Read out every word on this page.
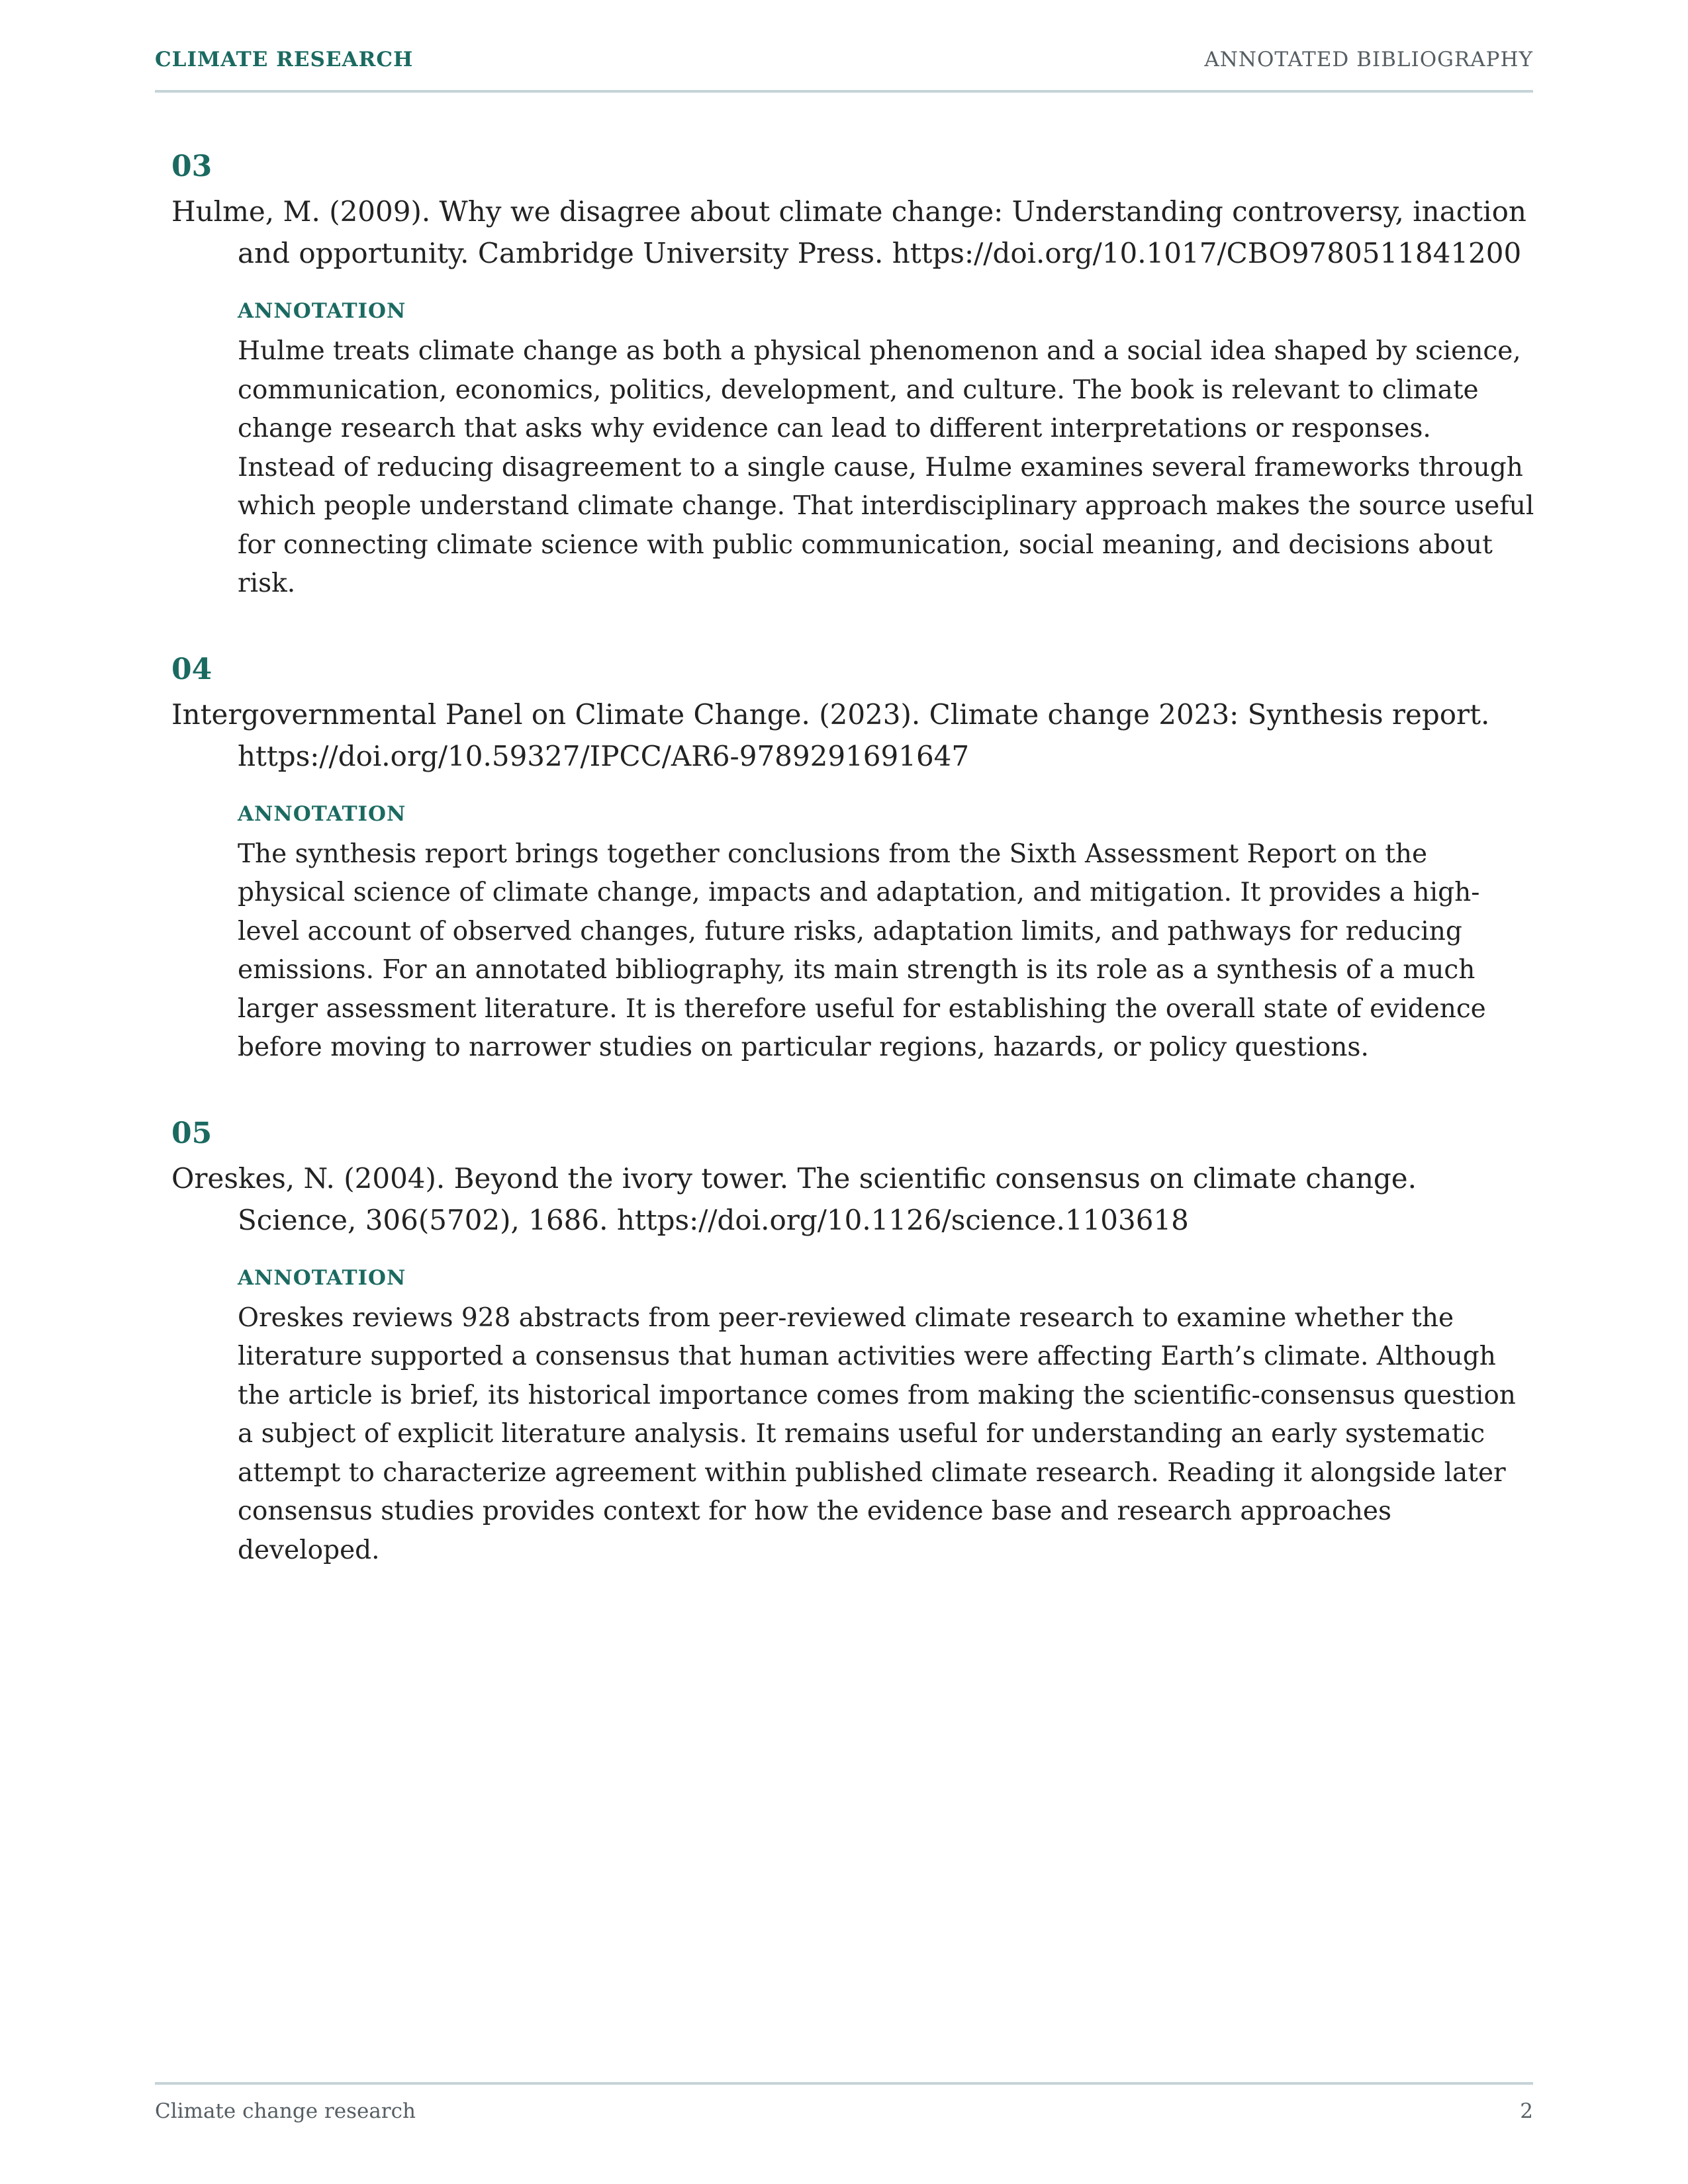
CLIMATE RESEARCH	ANNOTATED BIBLIOGRAPHY
03
Hulme, M. (2009). Why we disagree about climate change: Understanding controversy, inaction and opportunity. Cambridge University Press. https://doi.org/10.1017/CBO9780511841200
ANNOTATION
Hulme treats climate change as both a physical phenomenon and a social idea shaped by science, communication, economics, politics, development, and culture. The book is relevant to climate change research that asks why evidence can lead to different interpretations or responses. Instead of reducing disagreement to a single cause, Hulme examines several frameworks through which people understand climate change. That interdisciplinary approach makes the source useful for connecting climate science with public communication, social meaning, and decisions about risk.
04
Intergovernmental Panel on Climate Change. (2023). Climate change 2023: Synthesis report. https://doi.org/10.59327/IPCC/AR6-9789291691647
ANNOTATION
The synthesis report brings together conclusions from the Sixth Assessment Report on the physical science of climate change, impacts and adaptation, and mitigation. It provides a high-level account of observed changes, future risks, adaptation limits, and pathways for reducing emissions. For an annotated bibliography, its main strength is its role as a synthesis of a much larger assessment literature. It is therefore useful for establishing the overall state of evidence before moving to narrower studies on particular regions, hazards, or policy questions.
05
Oreskes, N. (2004). Beyond the ivory tower. The scientific consensus on climate change. Science, 306(5702), 1686. https://doi.org/10.1126/science.1103618
ANNOTATION
Oreskes reviews 928 abstracts from peer-reviewed climate research to examine whether the literature supported a consensus that human activities were affecting Earth’s climate. Although the article is brief, its historical importance comes from making the scientific-consensus question a subject of explicit literature analysis. It remains useful for understanding an early systematic attempt to characterize agreement within published climate research. Reading it alongside later consensus studies provides context for how the evidence base and research approaches developed.
Climate change research	2
